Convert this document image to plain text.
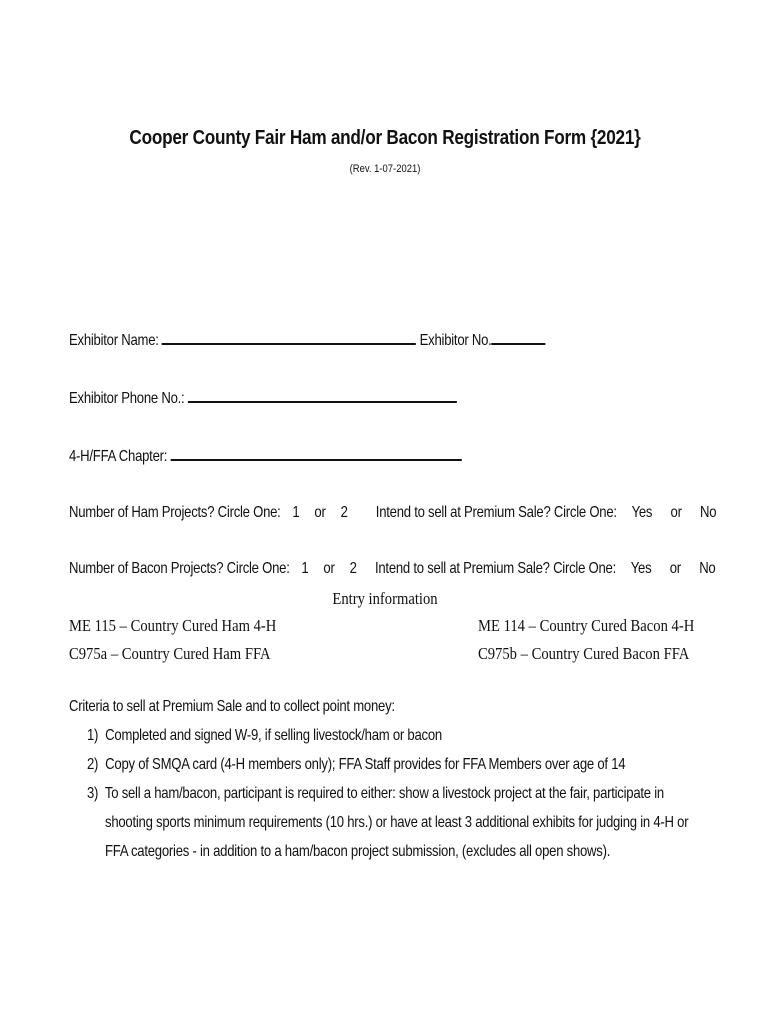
Cooper County Fair Ham and/or Bacon Registration Form {2021}
(Rev. 1-07-2021)
Exhibitor Name:	Exhibitor No.
Exhibitor Phone No.:
4-H/FFA Chapter:
Number of Ham Projects? Circle One: 1 or 2 Intend to sell at Premium Sale? Circle One: Yes or No
Number of Bacon Projects? Circle One: 1 or 2 Intend to sell at Premium Sale? Circle One: Yes or No
Entry information
ME 115 – Country Cured Ham 4-H
C975a – Country Cured Ham FFA
ME 114 – Country Cured Bacon 4-H
C975b – Country Cured Bacon FFA
Criteria to sell at Premium Sale and to collect point money:
1) Completed and signed W-9, if selling livestock/ham or bacon
2) Copy of SMQA card (4-H members only); FFA Staff provides for FFA Members over age of 14
3) To sell a ham/bacon, participant is required to either: show a livestock project at the fair, participate in
shooting sports minimum requirements (10 hrs.) or have at least 3 additional exhibits for judging in 4-H or
FFA categories - in addition to a ham/bacon project submission, (excludes all open shows).
